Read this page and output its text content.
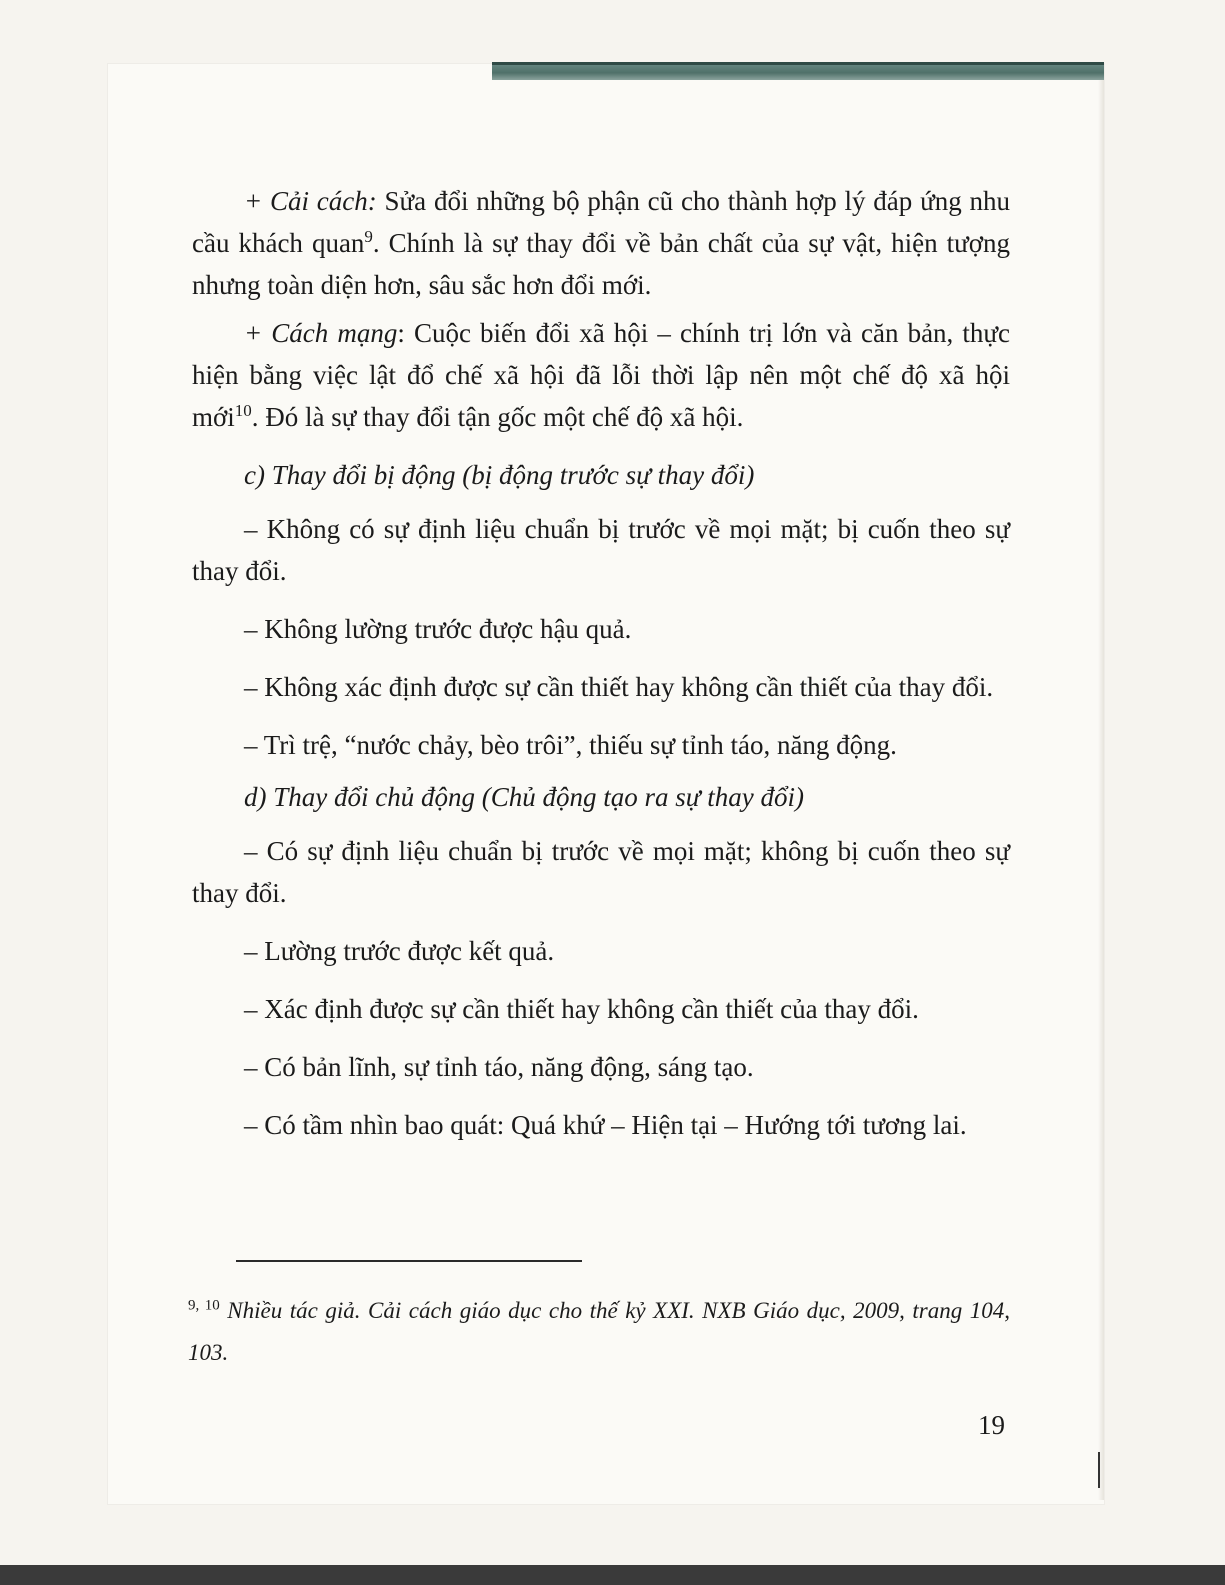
+ Cải cách: Sửa đổi những bộ phận cũ cho thành hợp lý đáp ứng nhu cầu khách quan$^9$. Chính là sự thay đổi về bản chất của sự vật, hiện tượng nhưng toàn diện hơn, sâu sắc hơn đổi mới.

+ Cách mạng: Cuộc biến đổi xã hội – chính trị lớn và căn bản, thực hiện bằng việc lật đổ chế xã hội đã lỗi thời lập nên một chế độ xã hội mới$^{10}$. Đó là sự thay đổi tận gốc một chế độ xã hội.

c) Thay đổi bị động (bị động trước sự thay đổi)

– Không có sự định liệu chuẩn bị trước về mọi mặt; bị cuốn theo sự thay đổi.

– Không lường trước được hậu quả.

– Không xác định được sự cần thiết hay không cần thiết của thay đổi.

– Trì trệ, “nước chảy, bèo trôi”, thiếu sự tỉnh táo, năng động.

d) Thay đổi chủ động (Chủ động tạo ra sự thay đổi)

– Có sự định liệu chuẩn bị trước về mọi mặt; không bị cuốn theo sự thay đổi.

– Lường trước được kết quả.

– Xác định được sự cần thiết hay không cần thiết của thay đổi.

– Có bản lĩnh, sự tỉnh táo, năng động, sáng tạo.

– Có tầm nhìn bao quát: Quá khứ – Hiện tại – Hướng tới tương lai.

$^{9, 10}$ Nhiều tác giả. Cải cách giáo dục cho thế kỷ XXI. NXB Giáo dục, 2009, trang 104, 103.
19
